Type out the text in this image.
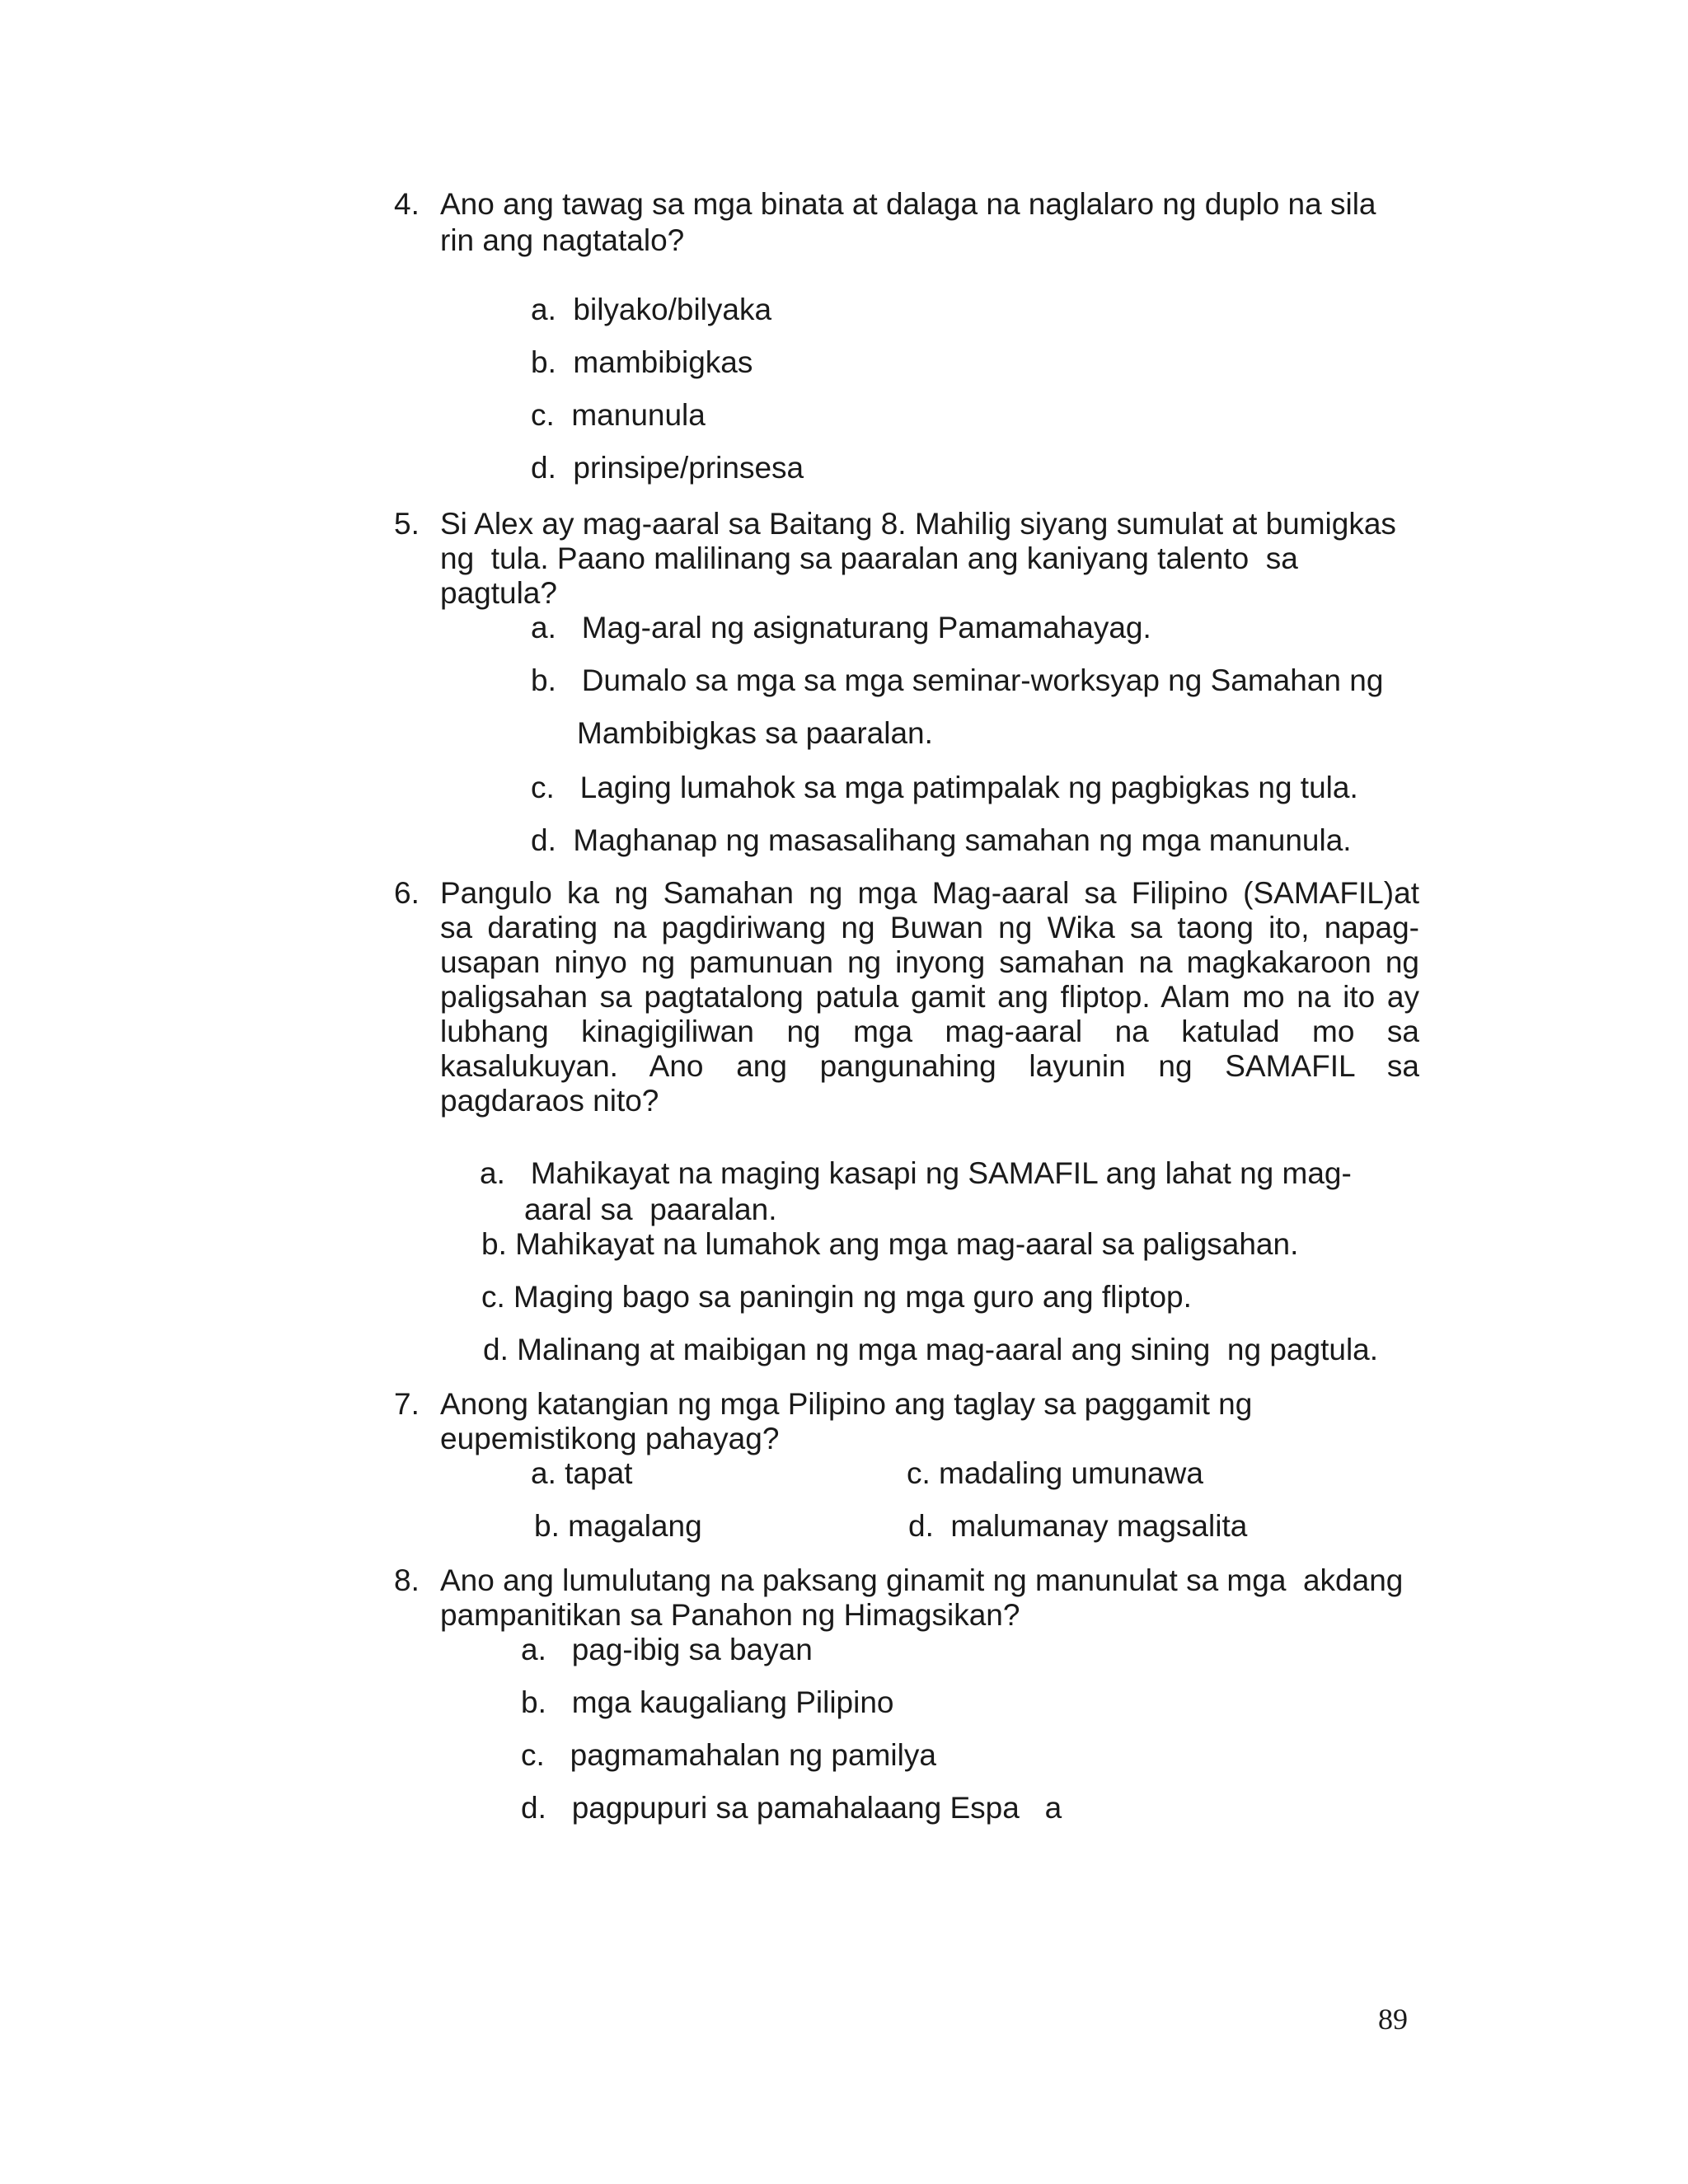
4. Ano ang tawag sa mga binata at dalaga na naglalaro ng duplo na sila
rin ang nagtatalo?
a.  bilyako/bilyaka
b.  mambibigkas
c.  manunula
d.  prinsipe/prinsesa
5. Si Alex ay mag-aaral sa Baitang 8. Mahilig siyang sumulat at bumigkas
ng  tula. Paano malilinang sa paaralan ang kaniyang talento  sa
pagtula?
a.   Mag-aral ng asignaturang Pamamahayag.
b.   Dumalo sa mga sa mga seminar-worksyap ng Samahan ng
Mambibigkas sa paaralan.
c.   Laging lumahok sa mga patimpalak ng pagbigkas ng tula.
d.  Maghanap ng masasalihang samahan ng mga manunula.
6. Pangulo ka ng Samahan ng mga Mag-aaral sa Filipino (SAMAFIL)at
sa darating na pagdiriwang ng Buwan ng Wika sa taong ito, napag-
usapan ninyo ng pamunuan ng inyong samahan na magkakaroon ng
paligsahan sa pagtatalong patula gamit ang fliptop. Alam mo na ito ay
lubhang kinagigiliwan ng mga mag-aaral na katulad mo sa
kasalukuyan. Ano ang pangunahing layunin ng SAMAFIL sa
pagdaraos nito?
a.   Mahikayat na maging kasapi ng SAMAFIL ang lahat ng mag-
aaral sa  paaralan.
b. Mahikayat na lumahok ang mga mag-aaral sa paligsahan.
c. Maging bago sa paningin ng mga guro ang fliptop.
d. Malinang at maibigan ng mga mag-aaral ang sining  ng pagtula.
7. Anong katangian ng mga Pilipino ang taglay sa paggamit ng
eupemistikong pahayag?
a. tapat	c. madaling umunawa
b. magalang	d.  malumanay magsalita
8. Ano ang lumulutang na paksang ginamit ng manunulat sa mga  akdang
pampanitikan sa Panahon ng Himagsikan?
a.   pag-ibig sa bayan
b.   mga kaugaliang Pilipino
c.   pagmamahalan ng pamilya
d.   pagpupuri sa pamahalaang Espa   a
89
